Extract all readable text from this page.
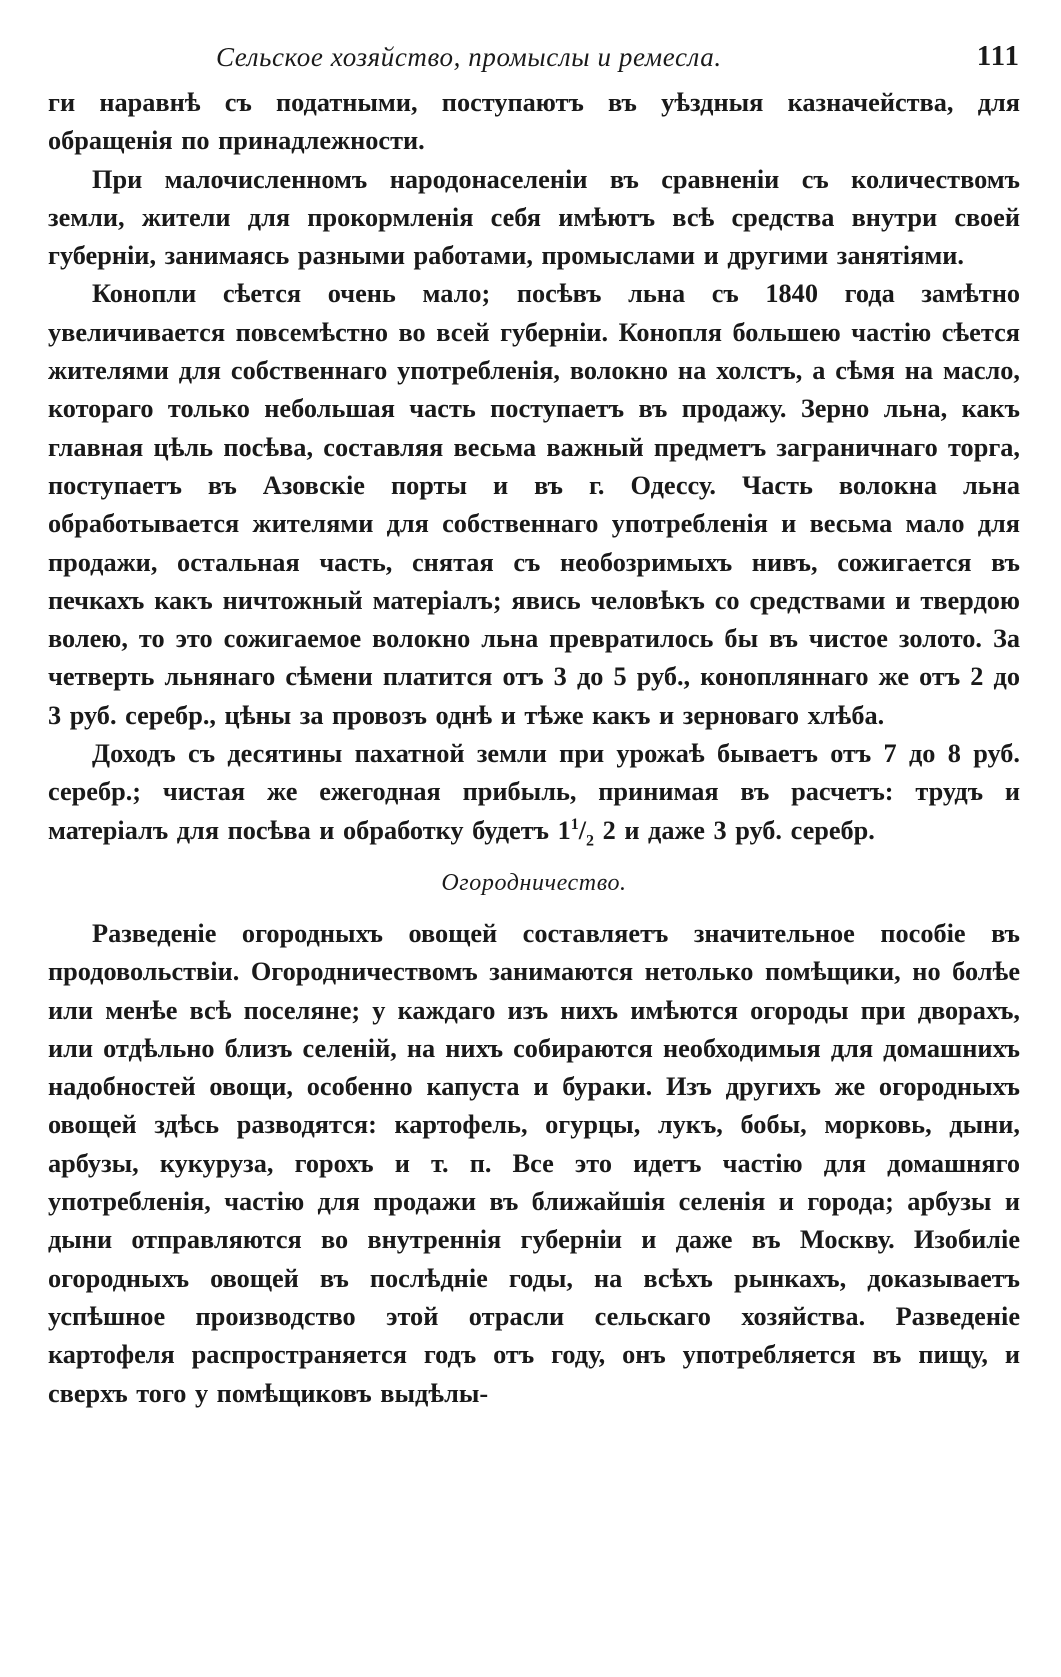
Сельское хозяйство, промыслы и ремесла.	111

ги наравнѣ съ податными, поступаютъ въ уѣздныя казначейства, для обращенія по принадлежности.

При малочисленномъ народонаселеніи въ сравненіи съ количествомъ земли, жители для прокормленія себя имѣютъ всѣ средства внутри своей губерніи, занимаясь разными работами, промыслами и другими занятіями.

Конопли сѣется очень мало; посѣвъ льна съ 1840 года замѣтно увеличивается повсемѣстно во всей губерніи. Конопля большею частію сѣется жителями для собственнаго употребленія, волокно на холстъ, а сѣмя на масло, котораго только небольшая часть поступаетъ въ продажу. Зерно льна, какъ главная цѣль посѣва, составляя весьма важный предметъ заграничнаго торга, поступаетъ въ Азовскіе порты и въ г. Одессу. Часть волокна льна обработывается жителями для собственнаго употребленія и весьма мало для продажи, остальная часть, снятая съ необозримыхъ нивъ, сожигается въ печкахъ какъ ничтожный матеріалъ; явись человѣкъ со средствами и твердою волею, то это сожигаемое волокно льна превратилось бы въ чистое золото. За четверть льнянаго сѣмени платится отъ 3 до 5 руб., конопляннаго же отъ 2 до 3 руб. серебр., цѣны за провозъ однѣ и тѣже какъ и зерноваго хлѣба.

Доходъ съ десятины пахатной земли при урожаѣ бываетъ отъ 7 до 8 руб. серебр.; чистая же ежегодная прибыль, принимая въ расчетъ: трудъ и матеріалъ для посѣва и обработку будетъ $1^1/_2$ 2 и даже 3 руб. серебр.

Огородничество.

Разведеніе огородныхъ овощей составляетъ значительное пособіе въ продовольствіи. Огородничествомъ занимаются нетолько помѣщики, но болѣе или менѣе всѣ поселяне; у каждаго изъ нихъ имѣются огороды при дворахъ, или отдѣльно близъ селеній, на нихъ собираются необходимыя для домашнихъ надобностей овощи, особенно капуста и бураки. Изъ другихъ же огородныхъ овощей здѣсь разводятся: картофель, огурцы, лукъ, бобы, морковь, дыни, арбузы, кукуруза, горохъ и т. п. Все это идетъ частію для домашняго употребленія, частію для продажи въ ближайшія селенія и города; арбузы и дыни отправляются во внутреннія губерніи и даже въ Москву. Изобиліе огородныхъ овощей въ послѣдніе годы, на всѣхъ рынкахъ, доказываетъ успѣшное производство этой отрасли сельскаго хозяйства. Разведеніе картофеля распространяется годъ отъ году, онъ употребляется въ пищу, и сверхъ того у помѣщиковъ выдѣлы-
